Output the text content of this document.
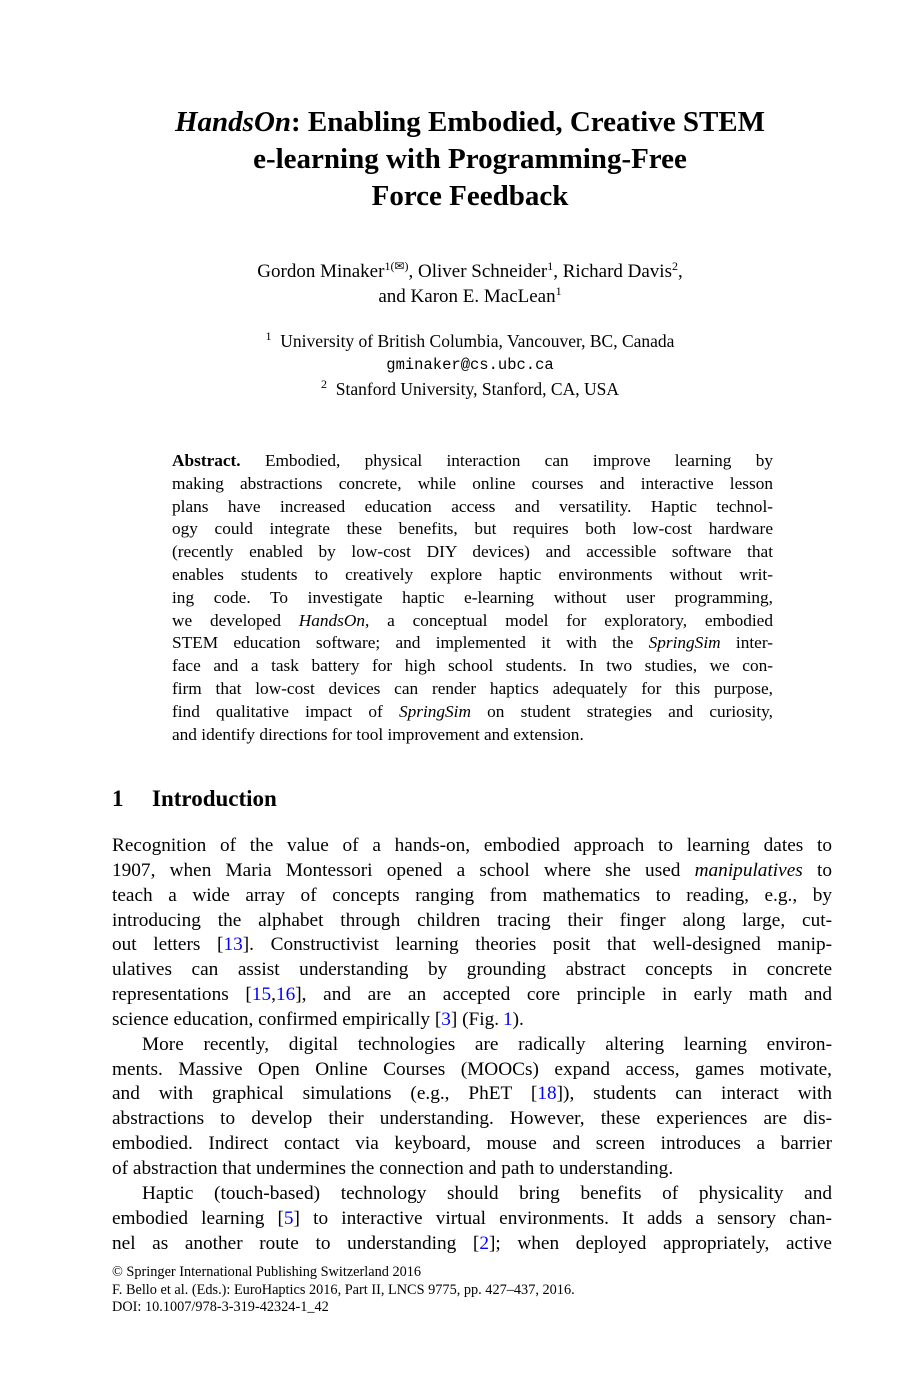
HandsOn: Enabling Embodied, Creative STEM
e-learning with Programming-Free
Force Feedback
Gordon Minaker$^{1(✉)}$, Oliver Schneider$^1$, Richard Davis$^2$,
and Karon E. MacLean$^1$
$^1$ University of British Columbia, Vancouver, BC, Canada
gminaker@cs.ubc.ca
$^2$ Stanford University, Stanford, CA, USA
Abstract. Embodied, physical interaction can improve learning by
making abstractions concrete, while online courses and interactive lesson
plans have increased education access and versatility. Haptic technol-
ogy could integrate these benefits, but requires both low-cost hardware
(recently enabled by low-cost DIY devices) and accessible software that
enables students to creatively explore haptic environments without writ-
ing code. To investigate haptic e-learning without user programming,
we developed HandsOn, a conceptual model for exploratory, embodied
STEM education software; and implemented it with the SpringSim inter-
face and a task battery for high school students. In two studies, we con-
firm that low-cost devices can render haptics adequately for this purpose,
find qualitative impact of SpringSim on student strategies and curiosity,
and identify directions for tool improvement and extension.
1 Introduction

Recognition of the value of a hands-on, embodied approach to learning dates to
1907, when Maria Montessori opened a school where she used manipulatives to
teach a wide array of concepts ranging from mathematics to reading, e.g., by
introducing the alphabet through children tracing their finger along large, cut-
out letters [13]. Constructivist learning theories posit that well-designed manip-
ulatives can assist understanding by grounding abstract concepts in concrete
representations [15,16], and are an accepted core principle in early math and
science education, confirmed empirically [3] (Fig. 1).

More recently, digital technologies are radically altering learning environ-
ments. Massive Open Online Courses (MOOCs) expand access, games motivate,
and with graphical simulations (e.g., PhET [18]), students can interact with
abstractions to develop their understanding. However, these experiences are dis-
embodied. Indirect contact via keyboard, mouse and screen introduces a barrier
of abstraction that undermines the connection and path to understanding.

Haptic (touch-based) technology should bring benefits of physicality and
embodied learning [5] to interactive virtual environments. It adds a sensory chan-
nel as another route to understanding [2]; when deployed appropriately, active

© Springer International Publishing Switzerland 2016
F. Bello et al. (Eds.): EuroHaptics 2016, Part II, LNCS 9775, pp. 427–437, 2016.
DOI: 10.1007/978-3-319-42324-1_42
